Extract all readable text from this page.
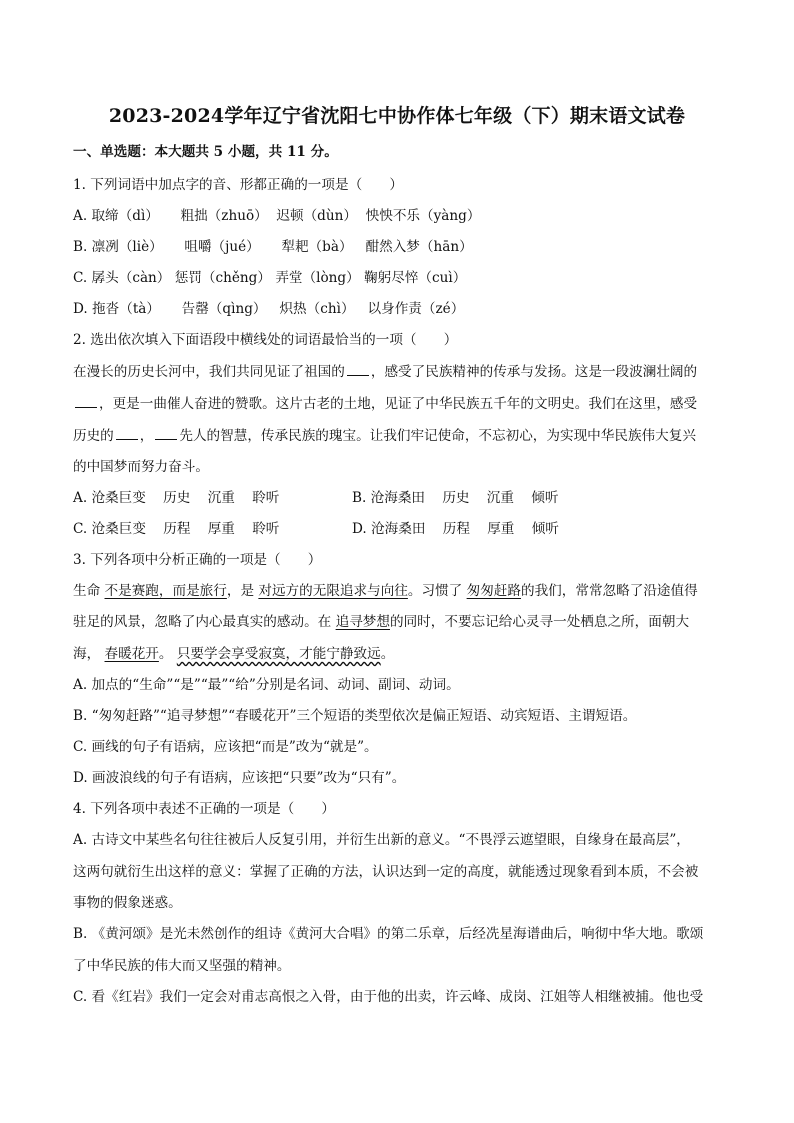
2023-2024学年辽宁省沈阳七中协作体七年级（下）期末语文试卷
一、单选题：本大题共 5 小题，共 11 分。
1. 下列词语中加点字的音、形都正确的一项是（　　）
A. 取缔（dì） 粗拙（zhuō） 迟顿（dùn） 怏怏不乐（yàng）
B. 凛冽（liè） 咀嚼（jué） 犁耙（bà） 酣然入梦（hān）
C. 孱头（càn） 惩罚（chěng） 弄堂（lòng） 鞠躬尽悴（cuì）
D. 拖沓（tà） 告罄（qìng） 炽热（chì） 以身作责（zé）
2. 选出依次填入下面语段中横线处的词语最恰当的一项（　　）
在漫长的历史长河中，我们共同见证了祖国的 ，感受了民族精神的传承与发扬。这是一段波澜壮阔的
，更是一曲催人奋进的赞歌。这片古老的土地，见证了中华民族五千年的文明史。我们在这里，感受
历史的 ， 先人的智慧，传承民族的瑰宝。让我们牢记使命，不忘初心，为实现中华民族伟大复兴
的中国梦而努力奋斗。
A. 沧桑巨变 历史 沉重 聆听	B. 沧海桑田 历史 沉重 倾听
C. 沧桑巨变 历程 厚重 聆听	D. 沧海桑田 历程 厚重 倾听
3. 下列各项中分析正确的一项是（　　）
生命 不是赛跑，而是旅行，是 对远方的无限追求与向往。习惯了 匆匆赶路的我们，常常忽略了沿途值得
驻足的风景，忽略了内心最真实的感动。在 追寻梦想的同时，不要忘记给心灵寻一处栖息之所，面朝大
海， 春暖花开。 只要学会享受寂寞，才能宁静致远。
A. 加点的“生命”“是”“最”“给”分别是名词、动词、副词、动词。
B. “匆匆赶路”“追寻梦想”“春暖花开”三个短语的类型依次是偏正短语、动宾短语、主谓短语。
C. 画线的句子有语病，应该把“而是”改为“就是”。
D. 画波浪线的句子有语病，应该把“只要”改为“只有”。
4. 下列各项中表述不正确的一项是（　　）
A. 古诗文中某些名句往往被后人反复引用，并衍生出新的意义。“不畏浮云遮望眼，自缘身在最高层”，
这两句就衍生出这样的意义：掌握了正确的方法，认识达到一定的高度，就能透过现象看到本质，不会被
事物的假象迷惑。
B. 《黄河颂》是光未然创作的组诗《黄河大合唱》的第二乐章，后经冼星海谱曲后，响彻中华大地。歌颂
了中华民族的伟大而又坚强的精神。
C. 看《红岩》我们一定会对甫志高恨之入骨，由于他的出卖，许云峰、成岗、江姐等人相继被捕。他也受
